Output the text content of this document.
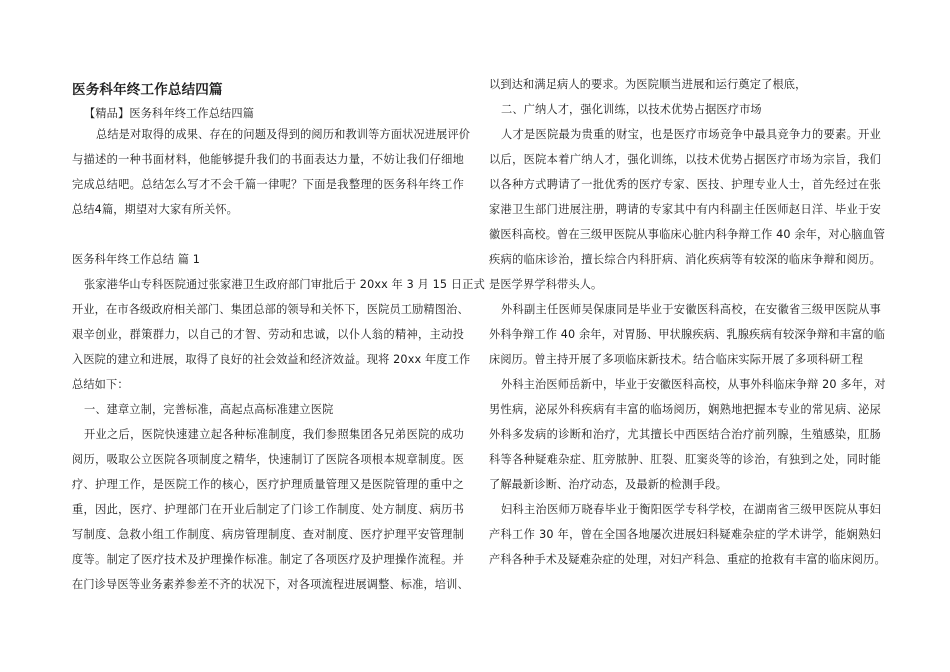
医务科年终工作总结四篇
【精品】医务科年终工作总结四篇
总结是对取得的成果、存在的问题及得到的阅历和教训等方面状况进展评价
与描述的一种书面材料，他能够提升我们的书面表达力量，不妨让我们仔细地
完成总结吧。总结怎么写才不会千篇一律呢？下面是我整理的医务科年终工作
总结4篇，期望对大家有所关怀。
医务科年终工作总结 篇 1
张家港华山专科医院通过张家港卫生政府部门审批后于 20xx 年 3 月 15 日正式
开业，在市各级政府相关部门、集团总部的领导和关怀下，医院员工励精图治、
艰辛创业，群策群力，以自己的才智、劳动和忠诚，以仆人翁的精神，主动投
入医院的建立和进展，取得了良好的社会效益和经济效益。现将 20xx 年度工作
总结如下：
一、建章立制，完善标准，高起点高标准建立医院
开业之后，医院快速建立起各种标准制度，我们参照集团各兄弟医院的成功
阅历，吸取公立医院各项制度之精华，快速制订了医院各项根本规章制度。医
疗、护理工作，是医院工作的核心，医疗护理质量管理又是医院管理的重中之
重，因此，医疗、护理部门在开业后制定了门诊工作制度、处方制度、病历书
写制度、急救小组工作制度、病房管理制度、查对制度、医疗护理平安管理制
度等。制定了医疗技术及护理操作标准。制定了各项医疗及护理操作流程。并
在门诊导医等业务素养参差不齐的状况下，对各项流程进展调整、标准，培训、
以到达和满足病人的要求。为医院顺当进展和运行奠定了根底，
二、广纳人才，强化训练，以技术优势占据医疗市场
人才是医院最为贵重的财宝，也是医疗市场竞争中最具竞争力的要素。开业
以后，医院本着广纳人才，强化训练，以技术优势占据医疗市场为宗旨，我们
以各种方式聘请了一批优秀的医疗专家、医技、护理专业人士，首先经过在张
家港卫生部门进展注册，聘请的专家其中有内科副主任医师赵日洋、毕业于安
徽医科高校。曾在三级甲医院从事临床心脏内科争辩工作 40 余年，对心脑血管
疾病的临床诊治，擅长综合内科肝病、消化疾病等有较深的临床争辩和阅历。
是医学界学科带头人。
外科副主任医师吴保康同是毕业于安徽医科高校，在安徽省三级甲医院从事
外科争辩工作 40 余年，对胃肠、甲状腺疾病、乳腺疾病有较深争辩和丰富的临
床阅历。曾主持开展了多项临床新技术。结合临床实际开展了多项科研工程
外科主治医师岳新中，毕业于安徽医科高校，从事外科临床争辩 20 多年，对
男性病，泌尿外科疾病有丰富的临场阅历，娴熟地把握本专业的常见病、泌尿
外科多发病的诊断和治疗，尤其擅长中西医结合治疗前列腺，生殖感染，肛肠
科等各种疑难杂症、肛旁脓肿、肛裂、肛窦炎等的诊治，有独到之处，同时能
了解最新诊断、治疗动态，及最新的检测手段。
妇科主治医师万晓春毕业于衡阳医学专科学校，在湖南省三级甲医院从事妇
产科工作 30 年，曾在全国各地屡次进展妇科疑难杂症的学术讲学，能娴熟妇
产科各种手术及疑难杂症的处理，对妇产科急、重症的抢救有丰富的临床阅历。
